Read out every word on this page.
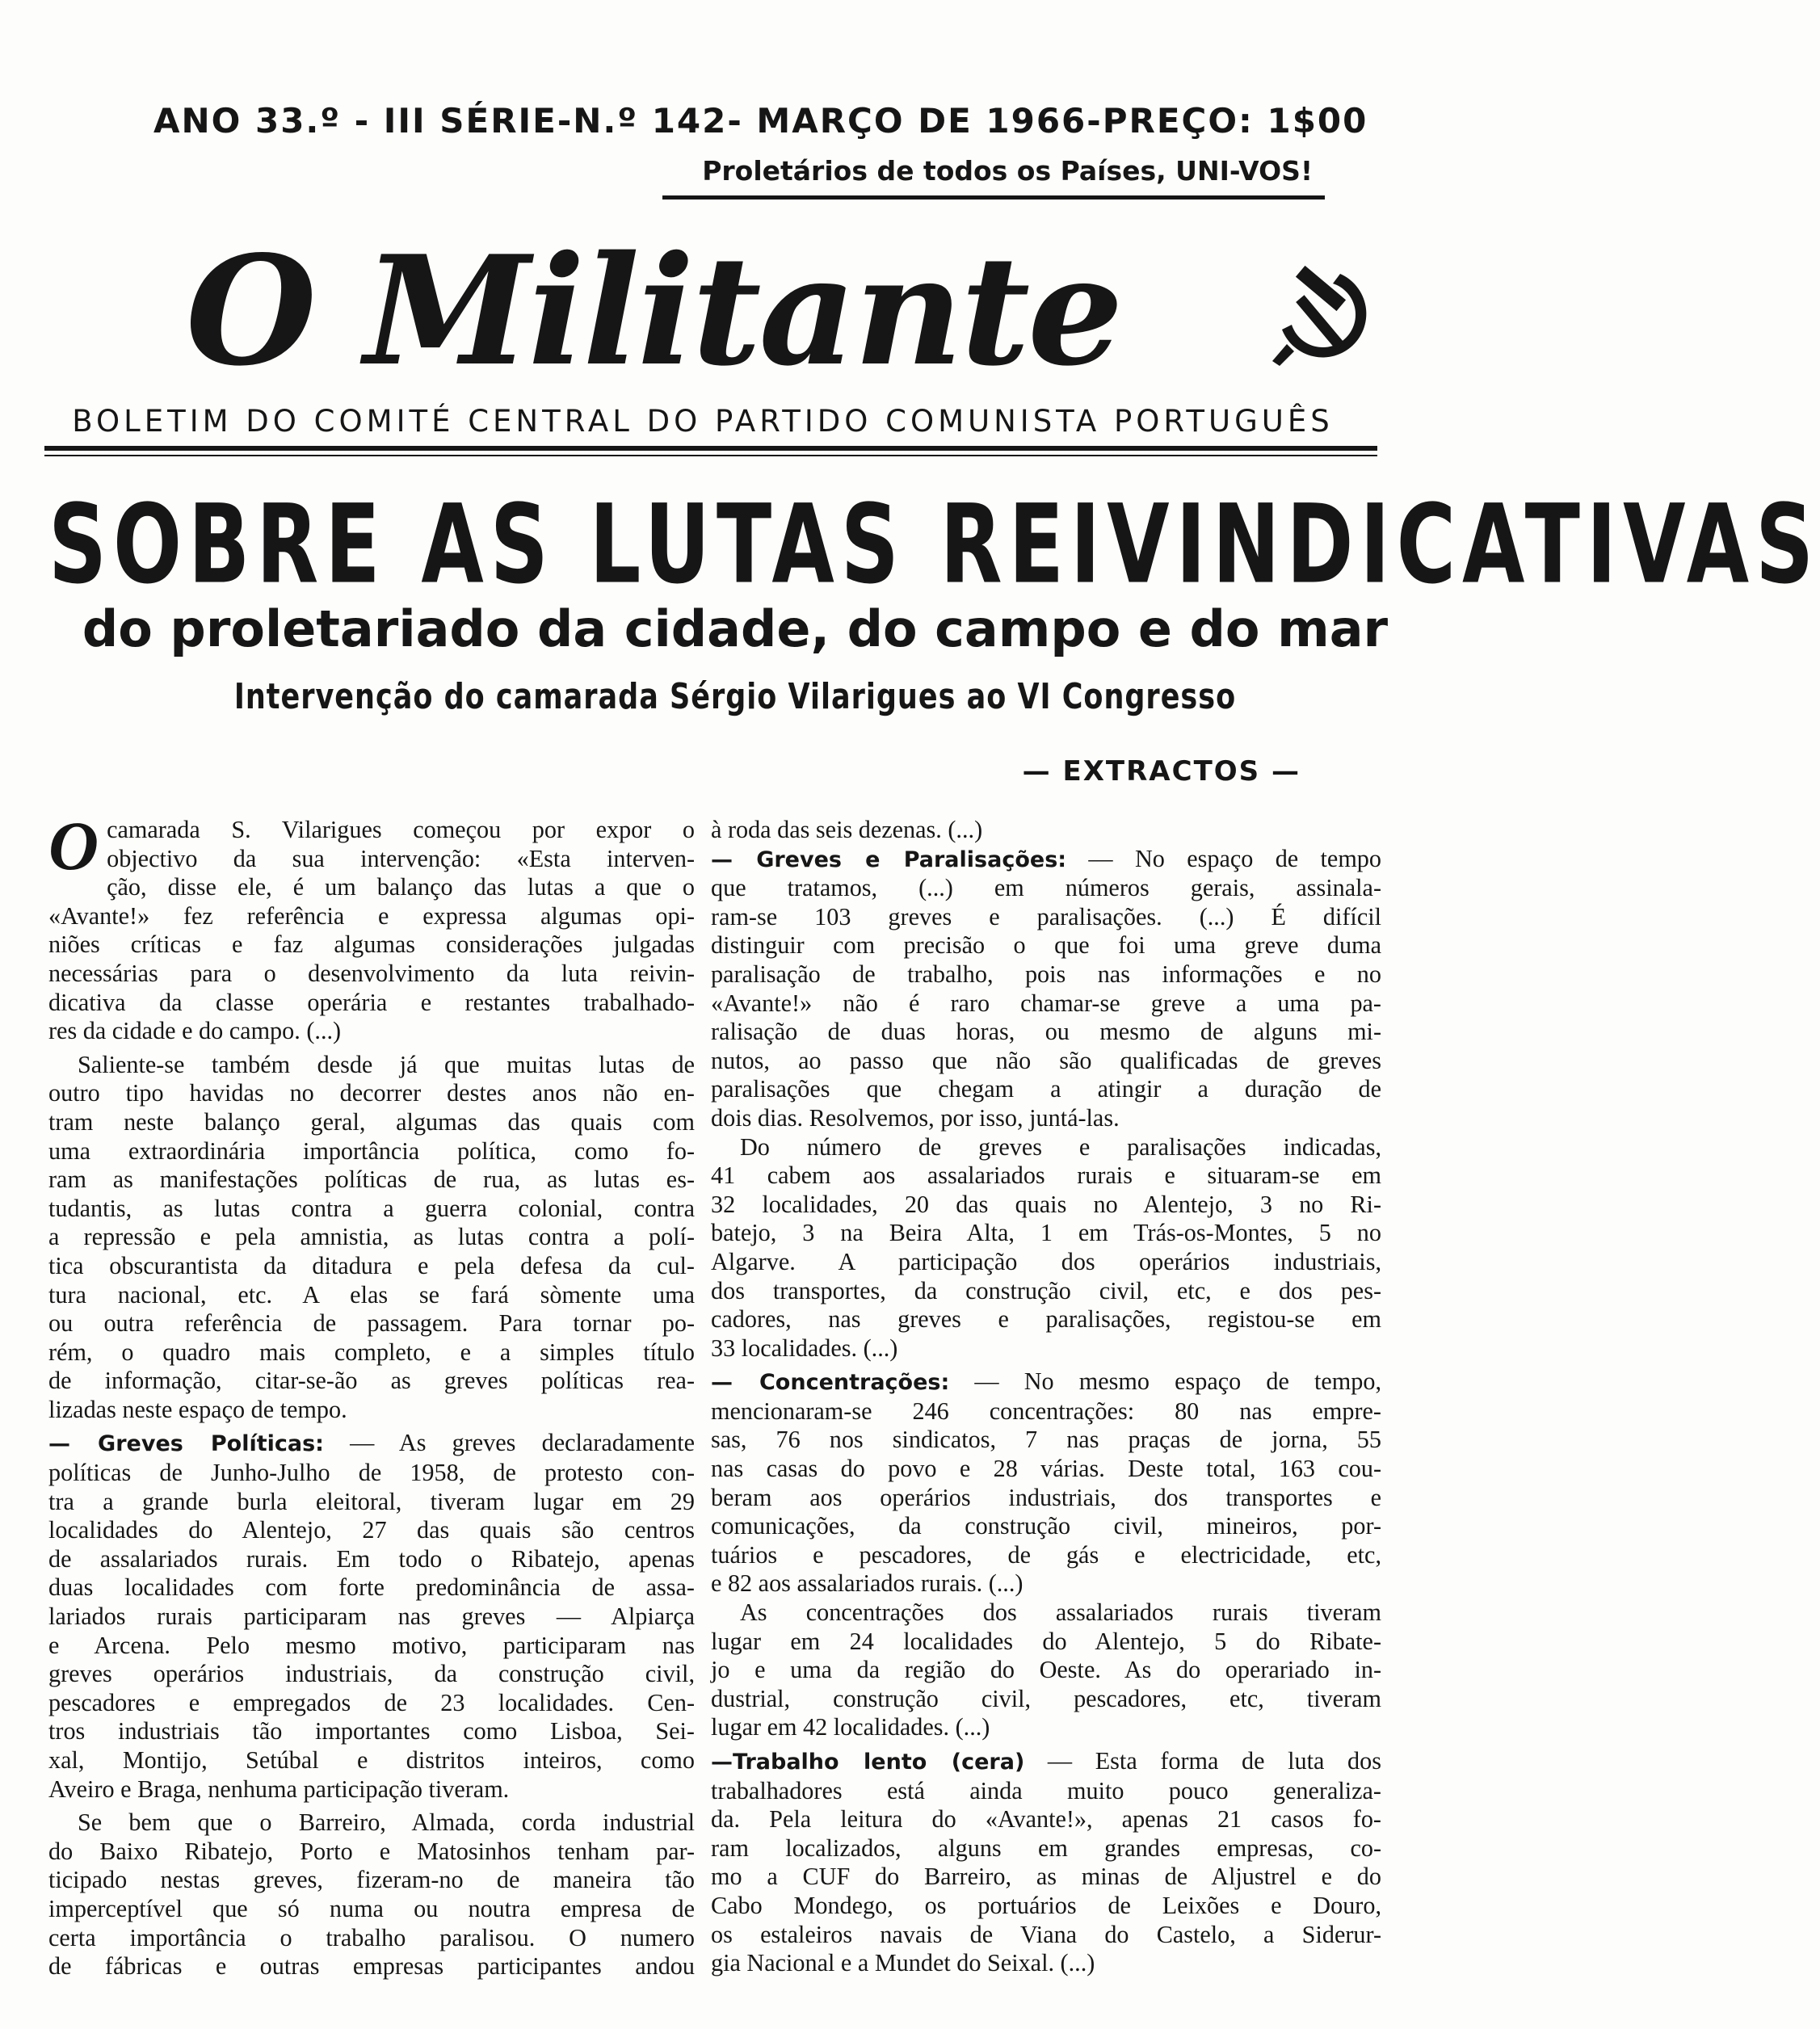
ANO 33.º - III SÉRIE-N.º 142- MARÇO DE 1966-PREÇO: 1$00
Proletários de todos os Países, UNI-VOS!
O Militante
BOLETIM DO COMITÉ CENTRAL DO PARTIDO COMUNISTA PORTUGUÊS
SOBRE AS LUTAS REIVINDICATIVAS
do proletariado da cidade, do campo e do mar
Intervenção do camarada Sérgio Vilarigues ao VI Congresso
— EXTRACTOS —

O camarada S. Vilarigues começou por expor o
objectivo da sua intervenção: «Esta interven-
ção, disse ele, é um balanço das lutas a que o
«Avante!» fez referência e expressa algumas opi-
niões críticas e faz algumas considerações julgadas
necessárias para o desenvolvimento da luta reivin-
dicativa da classe operária e restantes trabalhado-
res da cidade e do campo. (...)

Saliente-se também desde já que muitas lutas de
outro tipo havidas no decorrer destes anos não en-
tram neste balanço geral, algumas das quais com
uma extraordinária importância política, como fo-
ram as manifestações políticas de rua, as lutas es-
tudantis, as lutas contra a guerra colonial, contra
a repressão e pela amnistia, as lutas contra a polí-
tica obscurantista da ditadura e pela defesa da cul-
tura nacional, etc. A elas se fará sòmente uma
ou outra referência de passagem. Para tornar po-
rém, o quadro mais completo, e a simples título
de informação, citar-se-ão as greves políticas rea-
lizadas neste espaço de tempo.

— Greves Políticas: — As greves declaradamente
políticas de Junho-Julho de 1958, de protesto con-
tra a grande burla eleitoral, tiveram lugar em 29
localidades do Alentejo, 27 das quais são centros
de assalariados rurais. Em todo o Ribatejo, apenas
duas localidades com forte predominância de assa-
lariados rurais participaram nas greves — Alpiarça
e Arcena. Pelo mesmo motivo, participaram nas
greves operários industriais, da construção civil,
pescadores e empregados de 23 localidades. Cen-
tros industriais tão importantes como Lisboa, Sei-
xal, Montijo, Setúbal e distritos inteiros, como
Aveiro e Braga, nenhuma participação tiveram.

Se bem que o Barreiro, Almada, corda industrial
do Baixo Ribatejo, Porto e Matosinhos tenham par-
ticipado nestas greves, fizeram-no de maneira tão
imperceptível que só numa ou noutra empresa de
certa importância o trabalho paralisou. O numero
de fábricas e outras empresas participantes andou

à roda das seis dezenas. (...)

— Greves e Paralisações: — No espaço de tempo
que tratamos, (...) em números gerais, assinala-
ram-se 103 greves e paralisações. (...) É difícil
distinguir com precisão o que foi uma greve duma
paralisação de trabalho, pois nas informações e no
«Avante!» não é raro chamar-se greve a uma pa-
ralisação de duas horas, ou mesmo de alguns mi-
nutos, ao passo que não são qualificadas de greves
paralisações que chegam a atingir a duração de
dois dias. Resolvemos, por isso, juntá-las.

Do número de greves e paralisações indicadas,
41 cabem aos assalariados rurais e situaram-se em
32 localidades, 20 das quais no Alentejo, 3 no Ri-
batejo, 3 na Beira Alta, 1 em Trás-os-Montes, 5 no
Algarve. A participação dos operários industriais,
dos transportes, da construção civil, etc, e dos pes-
cadores, nas greves e paralisações, registou-se em
33 localidades. (...)

— Concentrações: — No mesmo espaço de tempo,
mencionaram-se 246 concentrações: 80 nas empre-
sas, 76 nos sindicatos, 7 nas praças de jorna, 55
nas casas do povo e 28 várias. Deste total, 163 cou-
beram aos operários industriais, dos transportes e
comunicações, da construção civil, mineiros, por-
tuários e pescadores, de gás e electricidade, etc,
e 82 aos assalariados rurais. (...)

As concentrações dos assalariados rurais tiveram
lugar em 24 localidades do Alentejo, 5 do Ribate-
jo e uma da região do Oeste. As do operariado in-
dustrial, construção civil, pescadores, etc, tiveram
lugar em 42 localidades. (...)

—Trabalho lento (cera) — Esta forma de luta dos
trabalhadores está ainda muito pouco generaliza-
da. Pela leitura do «Avante!», apenas 21 casos fo-
ram localizados, alguns em grandes empresas, co-
mo a CUF do Barreiro, as minas de Aljustrel e do
Cabo Mondego, os portuários de Leixões e Douro,
os estaleiros navais de Viana do Castelo, a Siderur-
gia Nacional e a Mundet do Seixal. (...)
